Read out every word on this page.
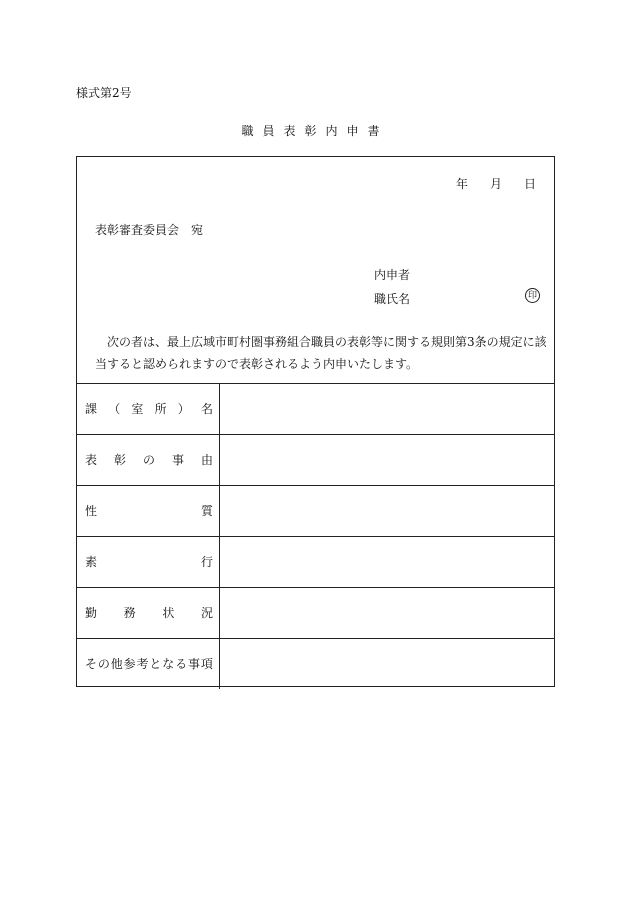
様式第2号
職員表彰内申書
年 月 日
表彰審査委員会　宛
内申者
職氏名	印
次の者は、最上広域市町村圏事務組合職員の表彰等に関する規則第3条の規定に該当すると認められますので表彰されるよう内申いたします。
課 （ 室 所 ） 名
表 彰 の 事 由
性	質
素	行
勤 務 状 況
そ の 他 参 考 と な る 事 項
